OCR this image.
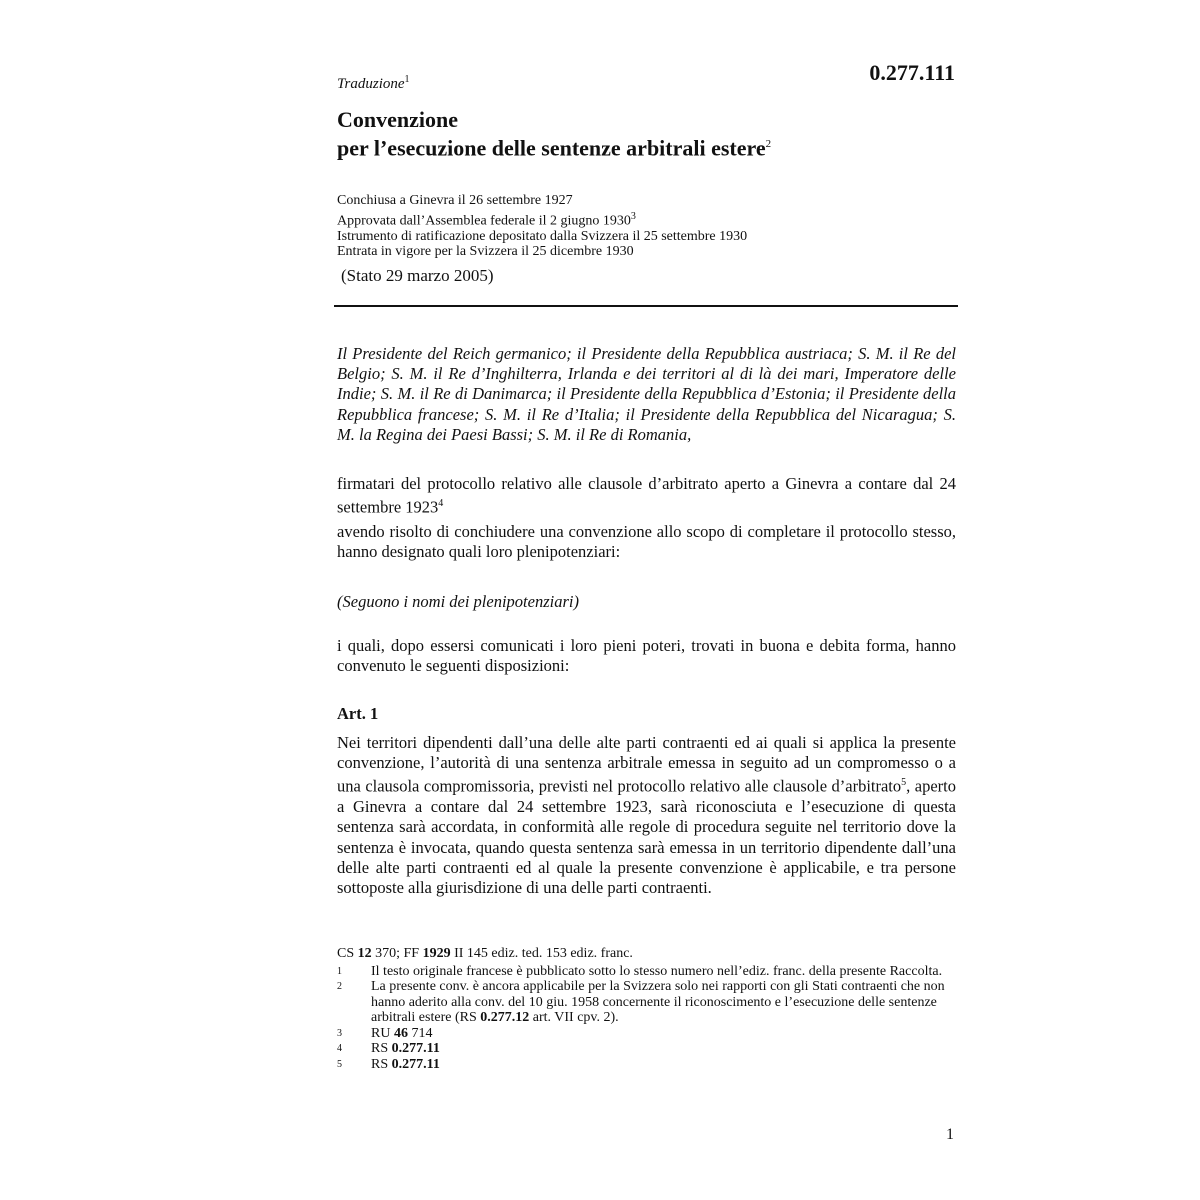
0.277.111
Traduzione$^1$
Convenzione
per l’esecuzione delle sentenze arbitrali estere$^2$
Conchiusa a Ginevra il 26 settembre 1927
Approvata dall’Assemblea federale il 2 giugno 1930$^3$
Istrumento di ratificazione depositato dalla Svizzera il 25 settembre 1930
Entrata in vigore per la Svizzera il 25 dicembre 1930
(Stato 29 marzo 2005)
Il Presidente del Reich germanico; il Presidente della Repubblica austriaca; S. M. il Re del Belgio; S. M. il Re d’Inghilterra, Irlanda e dei territori al di là dei mari, Imperatore delle Indie; S. M. il Re di Danimarca; il Presidente della Repubblica d’Estonia; il Presidente della Repubblica francese; S. M. il Re d’Italia; il Presidente della Repubblica del Nicaragua; S. M. la Regina dei Paesi Bassi; S. M. il Re di Romania,
firmatari del protocollo relativo alle clausole d’arbitrato aperto a Ginevra a contare dal 24 settembre 1923$^4$
avendo risolto di conchiudere una convenzione allo scopo di completare il protocollo stesso, hanno designato quali loro plenipotenziari:
(Seguono i nomi dei plenipotenziari)
i quali, dopo essersi comunicati i loro pieni poteri, trovati in buona e debita forma, hanno convenuto le seguenti disposizioni:
Art. 1
Nei territori dipendenti dall’una delle alte parti contraenti ed ai quali si applica la presente convenzione, l’autorità di una sentenza arbitrale emessa in seguito ad un compromesso o a una clausola compromissoria, previsti nel protocollo relativo alle clausole d’arbitrato$^5$, aperto a Ginevra a contare dal 24 settembre 1923, sarà riconosciuta e l’esecuzione di questa sentenza sarà accordata, in conformità alle regole di procedura seguite nel territorio dove la sentenza è invocata, quando questa sentenza sarà emessa in un territorio dipendente dall’una delle alte parti contraenti ed al quale la presente convenzione è applicabile, e tra persone sottoposte alla giurisdizione di una delle parti contraenti.
CS 12 370; FF 1929 II 145 ediz. ted. 153 ediz. franc.
1 Il testo originale francese è pubblicato sotto lo stesso numero nell’ediz. franc. della presente Raccolta.
2 La presente conv. è ancora applicabile per la Svizzera solo nei rapporti con gli Stati contraenti che non hanno aderito alla conv. del 10 giu. 1958 concernente il riconoscimento e l’esecuzione delle sentenze arbitrali estere (RS 0.277.12 art. VII cpv. 2).
3 RU 46 714
4 RS 0.277.11
5 RS 0.277.11
1
